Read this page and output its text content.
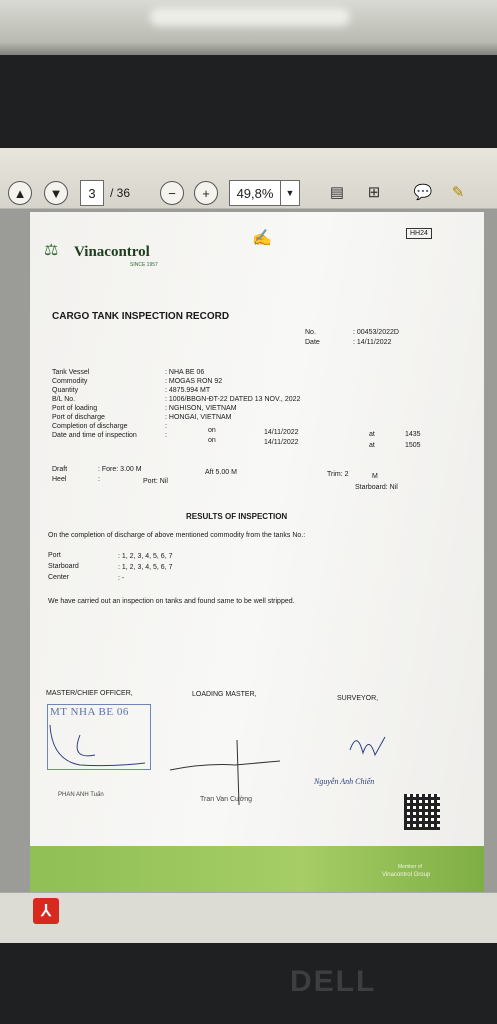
▲	▼	3	/ 36	−	+	49,8%	▼	▤	⊞	💬	✎
HH24
⚖ Vinacontrol
SINCE 1957
✍
CARGO TANK INSPECTION RECORD
No.	: 00453/2022D
Date	: 14/11/2022
Tank Vessel	: NHA BE 06
Commodity	: MOGAS RON 92
Quantity	: 4875.994 MT
B/L No.	: 1006/BBGN-ĐT-22 DATED 13 NOV., 2022
Port of loading	: NGHISON, VIETNAM
Port of discharge	: HONGAI, VIETNAM
Completion of discharge	:
on	14/11/2022	at	1435
Date and time of inspection	:
on	14/11/2022	at	1505
Draft	: Fore: 3.00 M	Aft 5.00 M	Trim: 2	M
Heel	:	Port: Nil
Starboard: Nil
RESULTS OF INSPECTION
On the completion of discharge of above mentioned commodity from the tanks No.:
Port	: 1, 2, 3, 4, 5, 6, 7
Starboard	: 1, 2, 3, 4, 5, 6, 7
Center	: -
We have carried out an inspection on tanks and found same to be well stripped.
MASTER/CHIEF OFFICER,	LOADING MASTER,
SURVEYOR,
MT NHA BE 06
PHAN ANH Tuấn
Tran Van Cường
Nguyễn Anh Chiến
Member of
Vinacontrol Group
⅄
DELL
